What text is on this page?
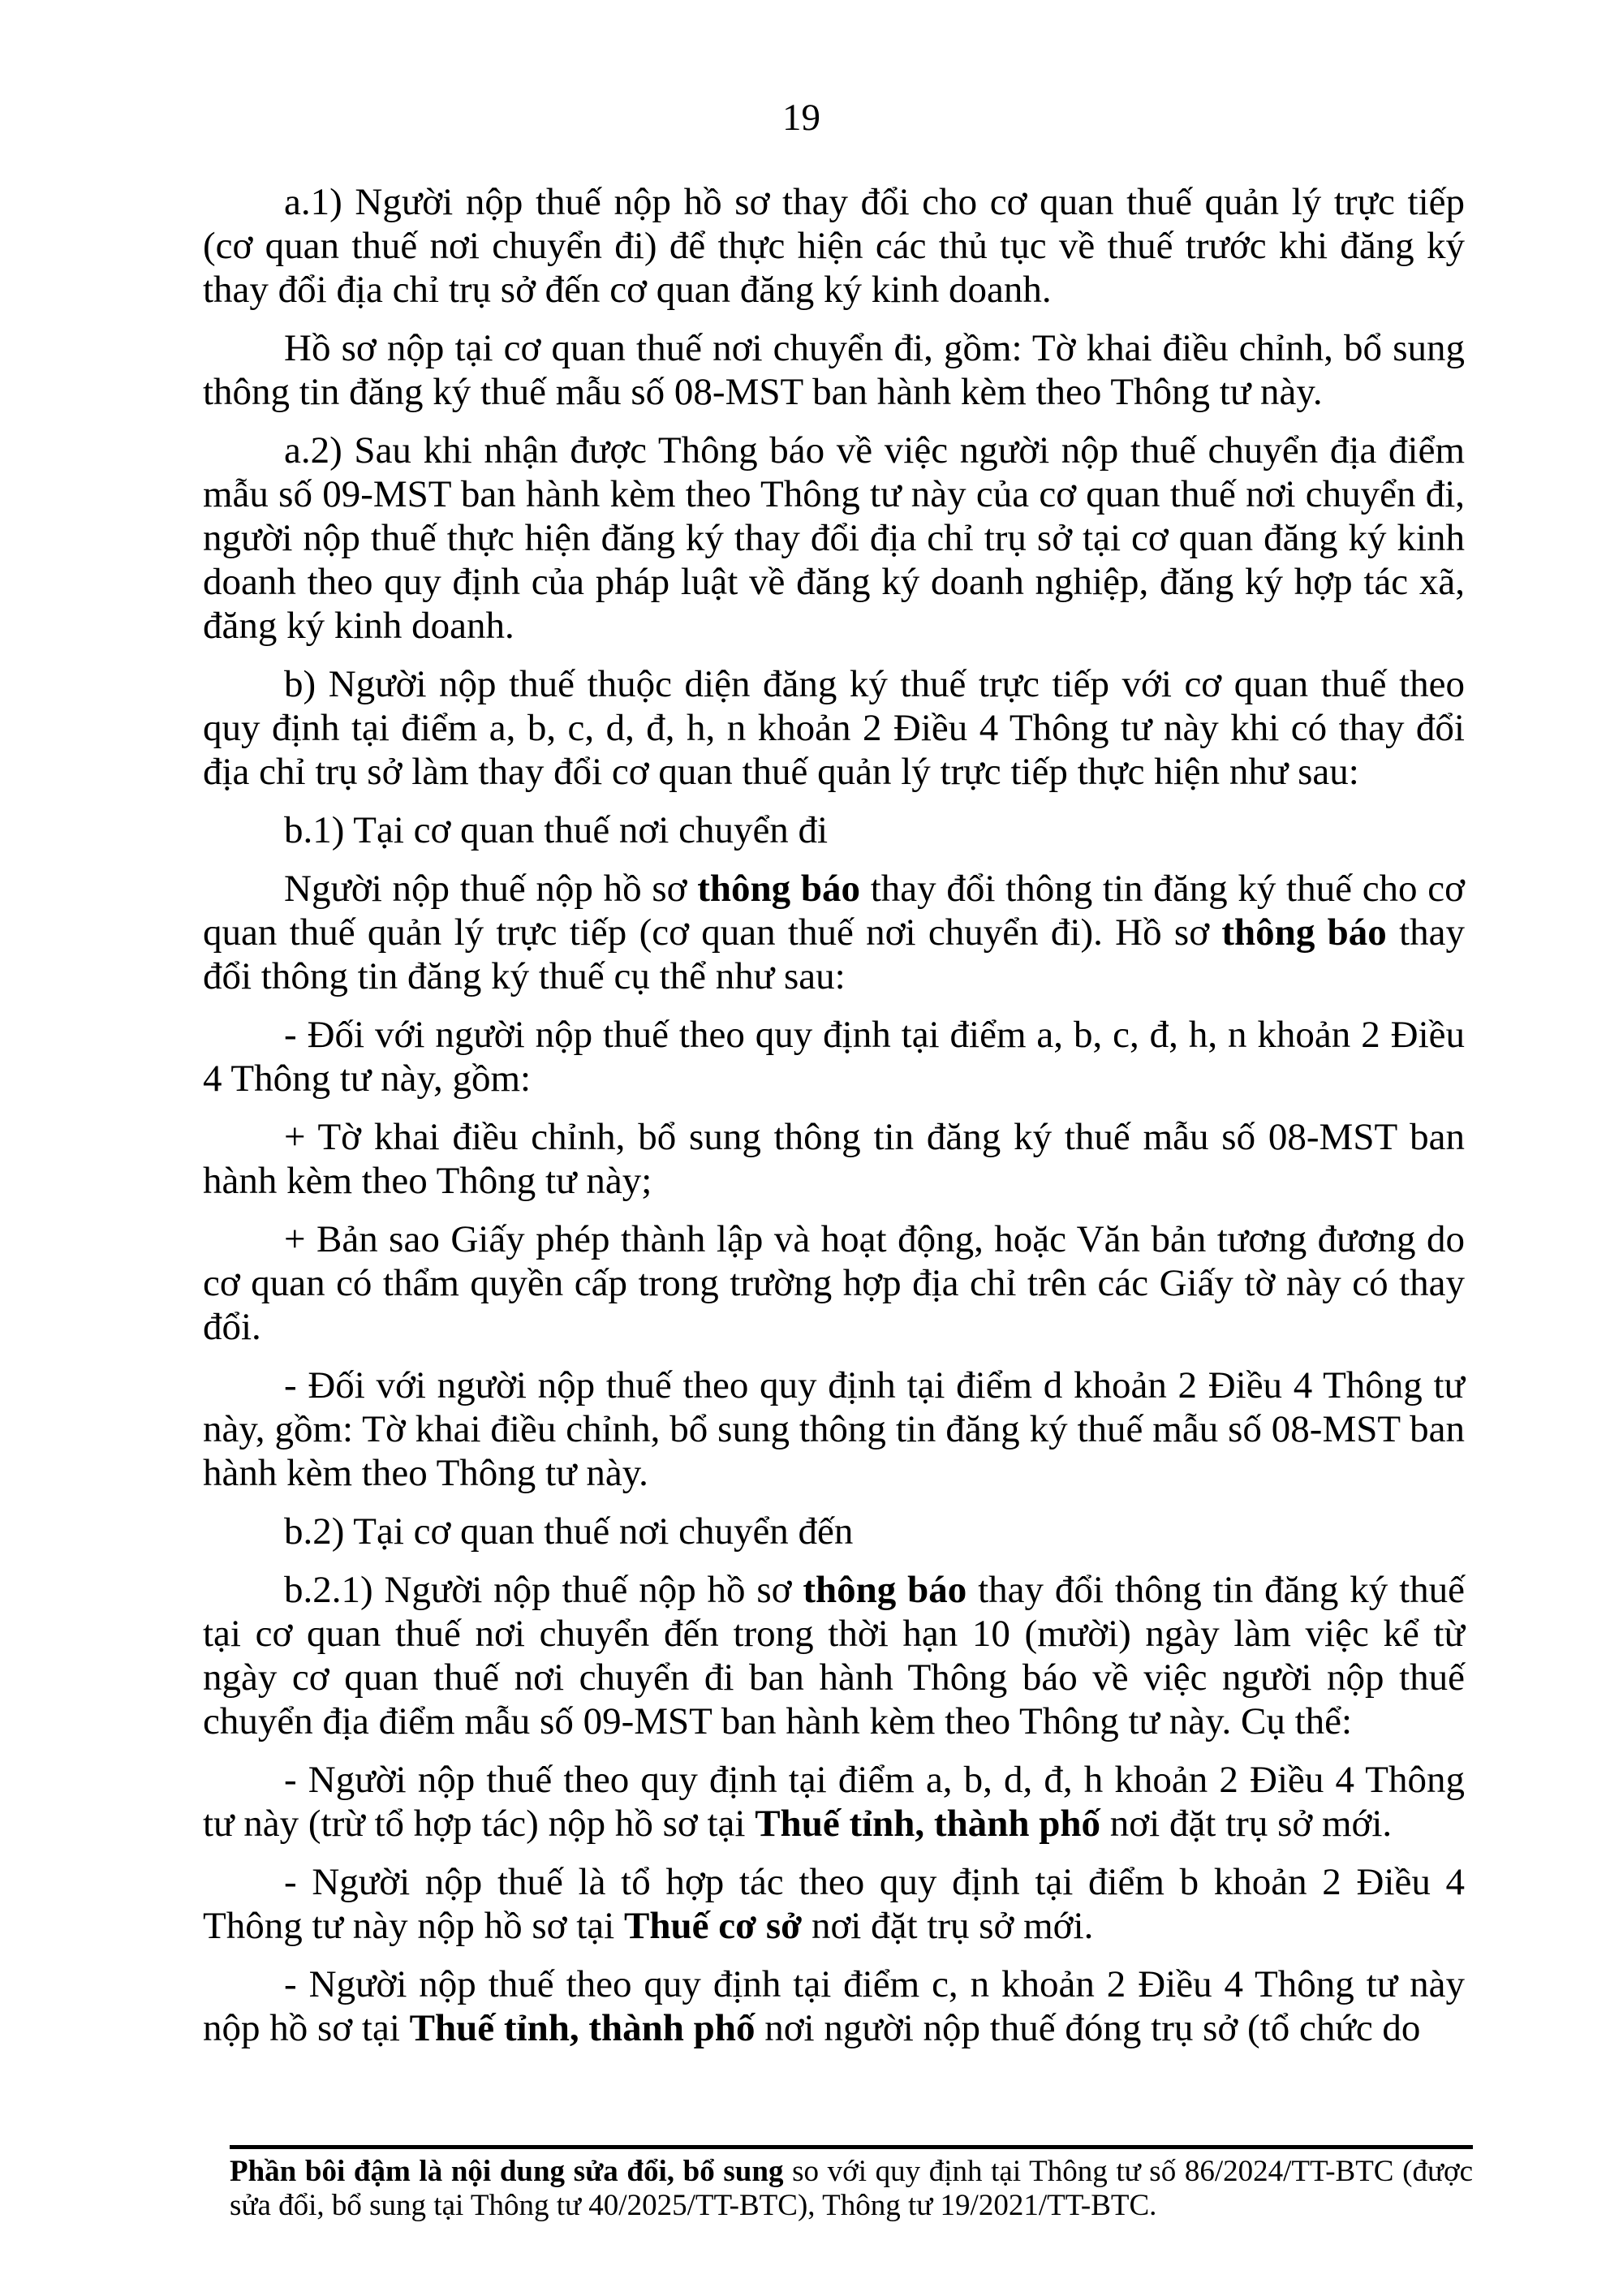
19

a.1) Người nộp thuế nộp hồ sơ thay đổi cho cơ quan thuế quản lý trực tiếp (cơ quan thuế nơi chuyển đi) để thực hiện các thủ tục về thuế trước khi đăng ký thay đổi địa chỉ trụ sở đến cơ quan đăng ký kinh doanh.

Hồ sơ nộp tại cơ quan thuế nơi chuyển đi, gồm: Tờ khai điều chỉnh, bổ sung thông tin đăng ký thuế mẫu số 08-MST ban hành kèm theo Thông tư này.

a.2) Sau khi nhận được Thông báo về việc người nộp thuế chuyển địa điểm mẫu số 09-MST ban hành kèm theo Thông tư này của cơ quan thuế nơi chuyển đi, người nộp thuế thực hiện đăng ký thay đổi địa chỉ trụ sở tại cơ quan đăng ký kinh doanh theo quy định của pháp luật về đăng ký doanh nghiệp, đăng ký hợp tác xã, đăng ký kinh doanh.

b) Người nộp thuế thuộc diện đăng ký thuế trực tiếp với cơ quan thuế theo quy định tại điểm a, b, c, d, đ, h, n khoản 2 Điều 4 Thông tư này khi có thay đổi địa chỉ trụ sở làm thay đổi cơ quan thuế quản lý trực tiếp thực hiện như sau:

b.1) Tại cơ quan thuế nơi chuyển đi

Người nộp thuế nộp hồ sơ thông báo thay đổi thông tin đăng ký thuế cho cơ quan thuế quản lý trực tiếp (cơ quan thuế nơi chuyển đi). Hồ sơ thông báo thay đổi thông tin đăng ký thuế cụ thể như sau:

- Đối với người nộp thuế theo quy định tại điểm a, b, c, đ, h, n khoản 2 Điều 4 Thông tư này, gồm:

+ Tờ khai điều chỉnh, bổ sung thông tin đăng ký thuế mẫu số 08-MST ban hành kèm theo Thông tư này;

+ Bản sao Giấy phép thành lập và hoạt động, hoặc Văn bản tương đương do cơ quan có thẩm quyền cấp trong trường hợp địa chỉ trên các Giấy tờ này có thay đổi.

- Đối với người nộp thuế theo quy định tại điểm d khoản 2 Điều 4 Thông tư này, gồm: Tờ khai điều chỉnh, bổ sung thông tin đăng ký thuế mẫu số 08-MST ban hành kèm theo Thông tư này.

b.2) Tại cơ quan thuế nơi chuyển đến

b.2.1) Người nộp thuế nộp hồ sơ thông báo thay đổi thông tin đăng ký thuế tại cơ quan thuế nơi chuyển đến trong thời hạn 10 (mười) ngày làm việc kể từ ngày cơ quan thuế nơi chuyển đi ban hành Thông báo về việc người nộp thuế chuyển địa điểm mẫu số 09-MST ban hành kèm theo Thông tư này. Cụ thể:

- Người nộp thuế theo quy định tại điểm a, b, d, đ, h khoản 2 Điều 4 Thông tư này (trừ tổ hợp tác) nộp hồ sơ tại Thuế tỉnh, thành phố nơi đặt trụ sở mới.

- Người nộp thuế là tổ hợp tác theo quy định tại điểm b khoản 2 Điều 4 Thông tư này nộp hồ sơ tại Thuế cơ sở nơi đặt trụ sở mới.

- Người nộp thuế theo quy định tại điểm c, n khoản 2 Điều 4 Thông tư này nộp hồ sơ tại Thuế tỉnh, thành phố nơi người nộp thuế đóng trụ sở (tổ chức do

Phần bôi đậm là nội dung sửa đổi, bổ sung so với quy định tại Thông tư số 86/2024/TT-BTC (được sửa đổi, bổ sung tại Thông tư 40/2025/TT-BTC), Thông tư 19/2021/TT-BTC.
